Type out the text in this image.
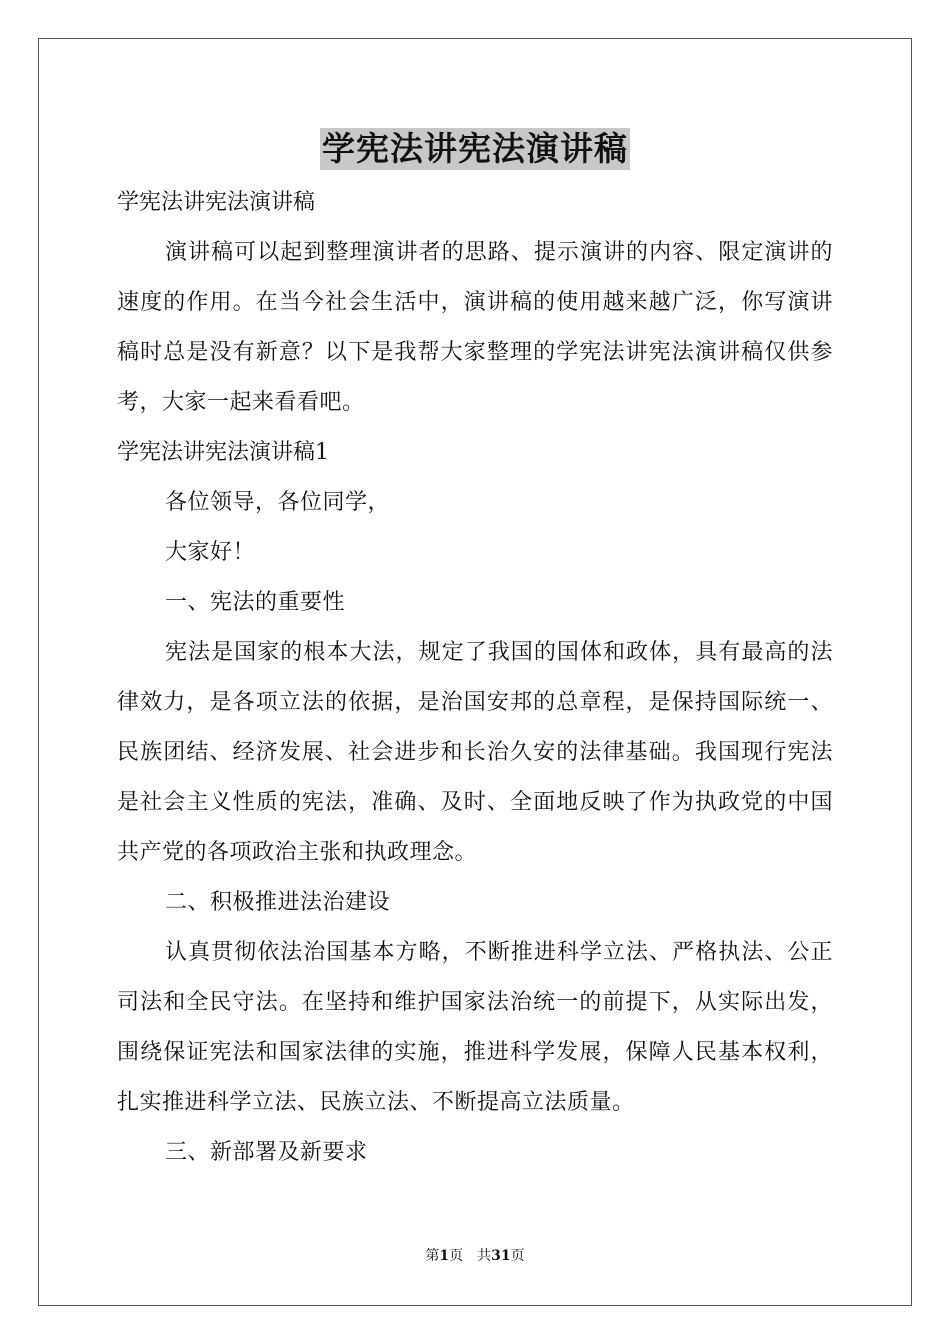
学宪法讲宪法演讲稿
学宪法讲宪法演讲稿

演讲稿可以起到整理演讲者的思路、提示演讲的内容、限定演讲的速度的作用。在当今社会生活中，演讲稿的使用越来越广泛，你写演讲稿时总是没有新意？以下是我帮大家整理的学宪法讲宪法演讲稿仅供参考，大家一起来看看吧。

学宪法讲宪法演讲稿1

各位领导，各位同学，

大家好！

一、宪法的重要性

宪法是国家的根本大法，规定了我国的国体和政体，具有最高的法律效力，是各项立法的依据，是治国安邦的总章程，是保持国际统一、民族团结、经济发展、社会进步和长治久安的法律基础。我国现行宪法是社会主义性质的宪法，准确、及时、全面地反映了作为执政党的中国共产党的各项政治主张和执政理念。

二、积极推进法治建设

认真贯彻依法治国基本方略，不断推进科学立法、严格执法、公正司法和全民守法。在坚持和维护国家法治统一的前提下，从实际出发，围绕保证宪法和国家法律的实施，推进科学发展，保障人民基本权利，扎实推进科学立法、民族立法、不断提高立法质量。

三、新部署及新要求

第1页　共31页
